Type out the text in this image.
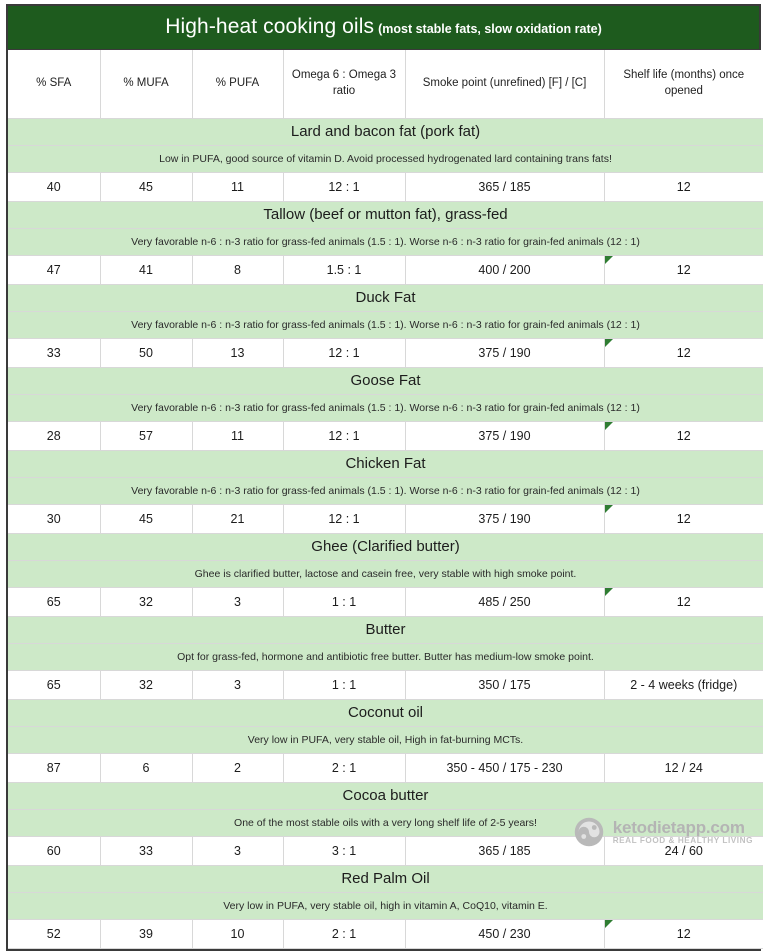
High-heat cooking oils (most stable fats, slow oxidation rate)
% SFA	% MUFA	% PUFA	Omega 6 : Omega 3 ratio	Smoke point (unrefined) [F] / [C]	Shelf life (months) once opened
Lard and bacon fat (pork fat)					
Low in PUFA, good source of vitamin D. Avoid processed hydrogenated lard containing trans fats!					
40	45	11	12 : 1	365 / 185	12
Tallow (beef or mutton fat), grass-fed					
Very favorable n-6 : n-3 ratio for grass-fed animals (1.5 : 1). Worse n-6 : n-3 ratio for grain-fed animals (12 : 1)					
47	41	8	1.5 : 1	400 / 200	12
Duck Fat					
Very favorable n-6 : n-3 ratio for grass-fed animals (1.5 : 1). Worse n-6 : n-3 ratio for grain-fed animals (12 : 1)					
33	50	13	12 : 1	375 / 190	12
Goose Fat					
Very favorable n-6 : n-3 ratio for grass-fed animals (1.5 : 1). Worse n-6 : n-3 ratio for grain-fed animals (12 : 1)					
28	57	11	12 : 1	375 / 190	12
Chicken Fat					
Very favorable n-6 : n-3 ratio for grass-fed animals (1.5 : 1). Worse n-6 : n-3 ratio for grain-fed animals (12 : 1)					
30	45	21	12 : 1	375 / 190	12
Ghee (Clarified butter)					
Ghee is clarified butter, lactose and casein free, very stable with high smoke point.					
65	32	3	1 : 1	485 / 250	12
Butter					
Opt for grass-fed, hormone and antibiotic free butter. Butter has medium-low smoke point.					
65	32	3	1 : 1	350 / 175	2 - 4 weeks (fridge)
Coconut oil					
Very low in PUFA, very stable oil, High in fat-burning MCTs.					
87	6	2	2 : 1	350 - 450 / 175 - 230	12 / 24
Cocoa butter					
One of the most stable oils with a very long shelf life of 2-5 years!					
60	33	3	3 : 1	365 / 185	24 / 60
Red Palm Oil					
Very low in PUFA, very stable oil, high in vitamin A, CoQ10, vitamin E.					
52	39	10	2 : 1	450 / 230	12
ketodietapp.com
REAL FOOD & HEALTHY LIVING
